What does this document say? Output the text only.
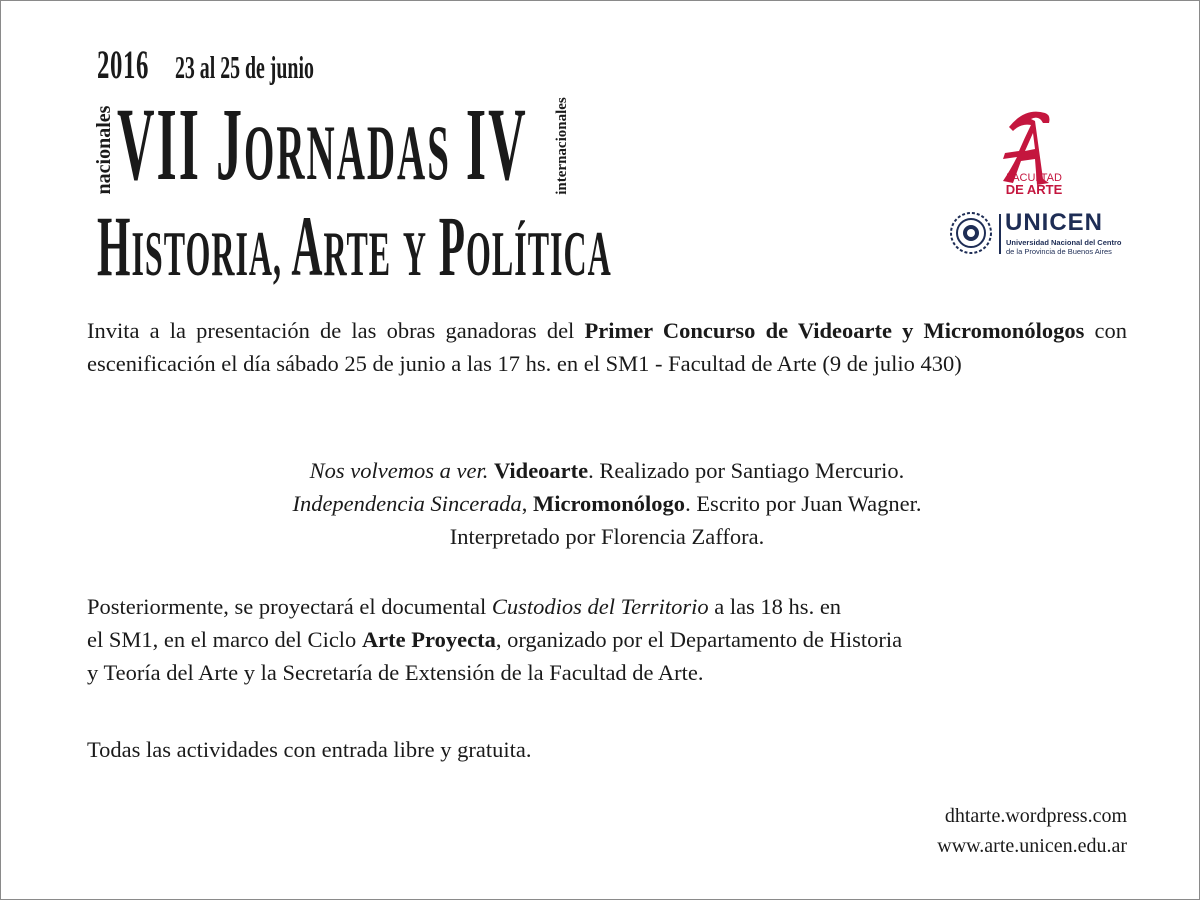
2016 23 al 25 de junio
nacionales VII JORNADAS IV internacionales
HISTORIA, ARTE Y POLÍTICA
FACULTAD
DE ARTE
UNICEN
Universidad Nacional del Centro
de la Provincia de Buenos Aires
Invita a la presentación de las obras ganadoras del Primer Concurso de Videoarte y Micromonólogos con escenificación el día sábado 25 de junio a las 17 hs. en el SM1 - Facultad de Arte (9 de julio 430)
Nos volvemos a ver. Videoarte. Realizado por Santiago Mercurio.
Independencia Sincerada, Micromonólogo. Escrito por Juan Wagner.
Interpretado por Florencia Zaffora.
Posteriormente, se proyectará el documental Custodios del Territorio a las 18 hs. en
el SM1, en el marco del Ciclo Arte Proyecta, organizado por el Departamento de Historia
y Teoría del Arte y la Secretaría de Extensión de la Facultad de Arte.
Todas las actividades con entrada libre y gratuita.
dhtarte.wordpress.com
www.arte.unicen.edu.ar
